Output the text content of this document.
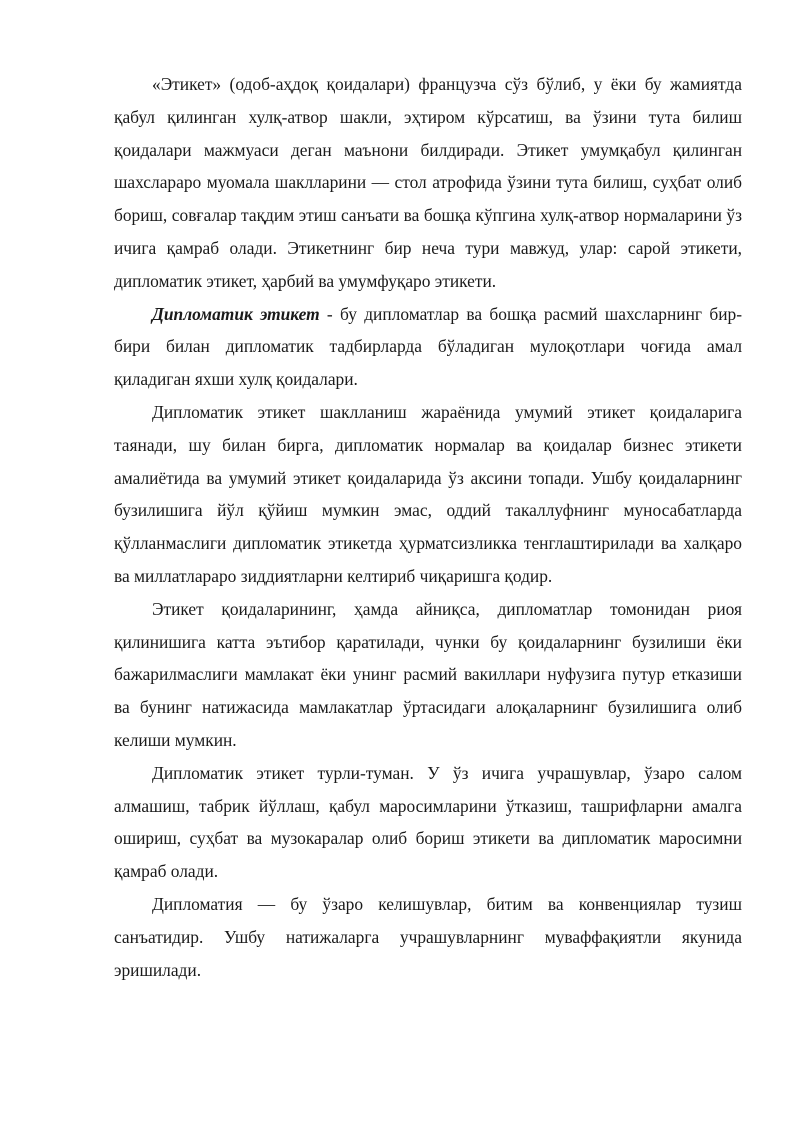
«Этикет» (одоб-аҳдоқ қоидалари) французча сўз бўлиб, у ёки бу жамиятда қабул қилинган хулқ-атвор шакли, эҳтиром кўрсатиш, ва ўзини тута билиш қоидалари мажмуаси деган маънони билдиради. Этикет умумқабул қилинган шахслараро муомала шаклларини — стол атрофида ўзини тута билиш, суҳбат олиб бориш, совғалар тақдим этиш санъати ва бошқа кўпгина хулқ-атвор нормаларини ўз ичига қамраб олади. Этикетнинг бир неча тури мавжуд, улар: сарой этикети, дипломатик этикет, ҳарбий ва умумфуқаро этикети.

Дипломатик этикет - бу дипломатлар ва бошқа расмий шахсларнинг бир-бири билан дипломатик тадбирларда бўладиган мулоқотлари чоғида амал қиладиган яхши хулқ қоидалари.

Дипломатик этикет шаклланиш жараёнида умумий этикет қоидаларига таянади, шу билан бирга, дипломатик нормалар ва қоидалар бизнес этикети амалиётида ва умумий этикет қоидаларида ўз аксини топади. Ушбу қоидаларнинг бузилишига йўл қўйиш мумкин эмас, оддий такаллуфнинг муносабатларда қўлланмаслиги дипломатик этикетда ҳурматсизликка тенглаштирилади ва халқаро ва миллатлараро зиддиятларни келтириб чиқаришга қодир.

Этикет қоидаларининг, ҳамда айниқса, дипломатлар томонидан риоя қилинишига катта эътибор қаратилади, чунки бу қоидаларнинг бузилиши ёки бажарилмаслиги мамлакат ёки унинг расмий вакиллари нуфузига путур етказиши ва бунинг натижасида мамлакатлар ўртасидаги алоқаларнинг бузилишига олиб келиши мумкин.

Дипломатик этикет турли-туман. У ўз ичига учрашувлар, ўзаро салом алмашиш, табрик йўллаш, қабул маросимларини ўтказиш, ташрифларни амалга ошириш, суҳбат ва музокаралар олиб бориш этикети ва дипломатик маросимни қамраб олади.

Дипломатия — бу ўзаро келишувлар, битим ва конвенциялар тузиш санъатидир. Ушбу натижаларга учрашувларнинг муваффақиятли якунида эришилади.
